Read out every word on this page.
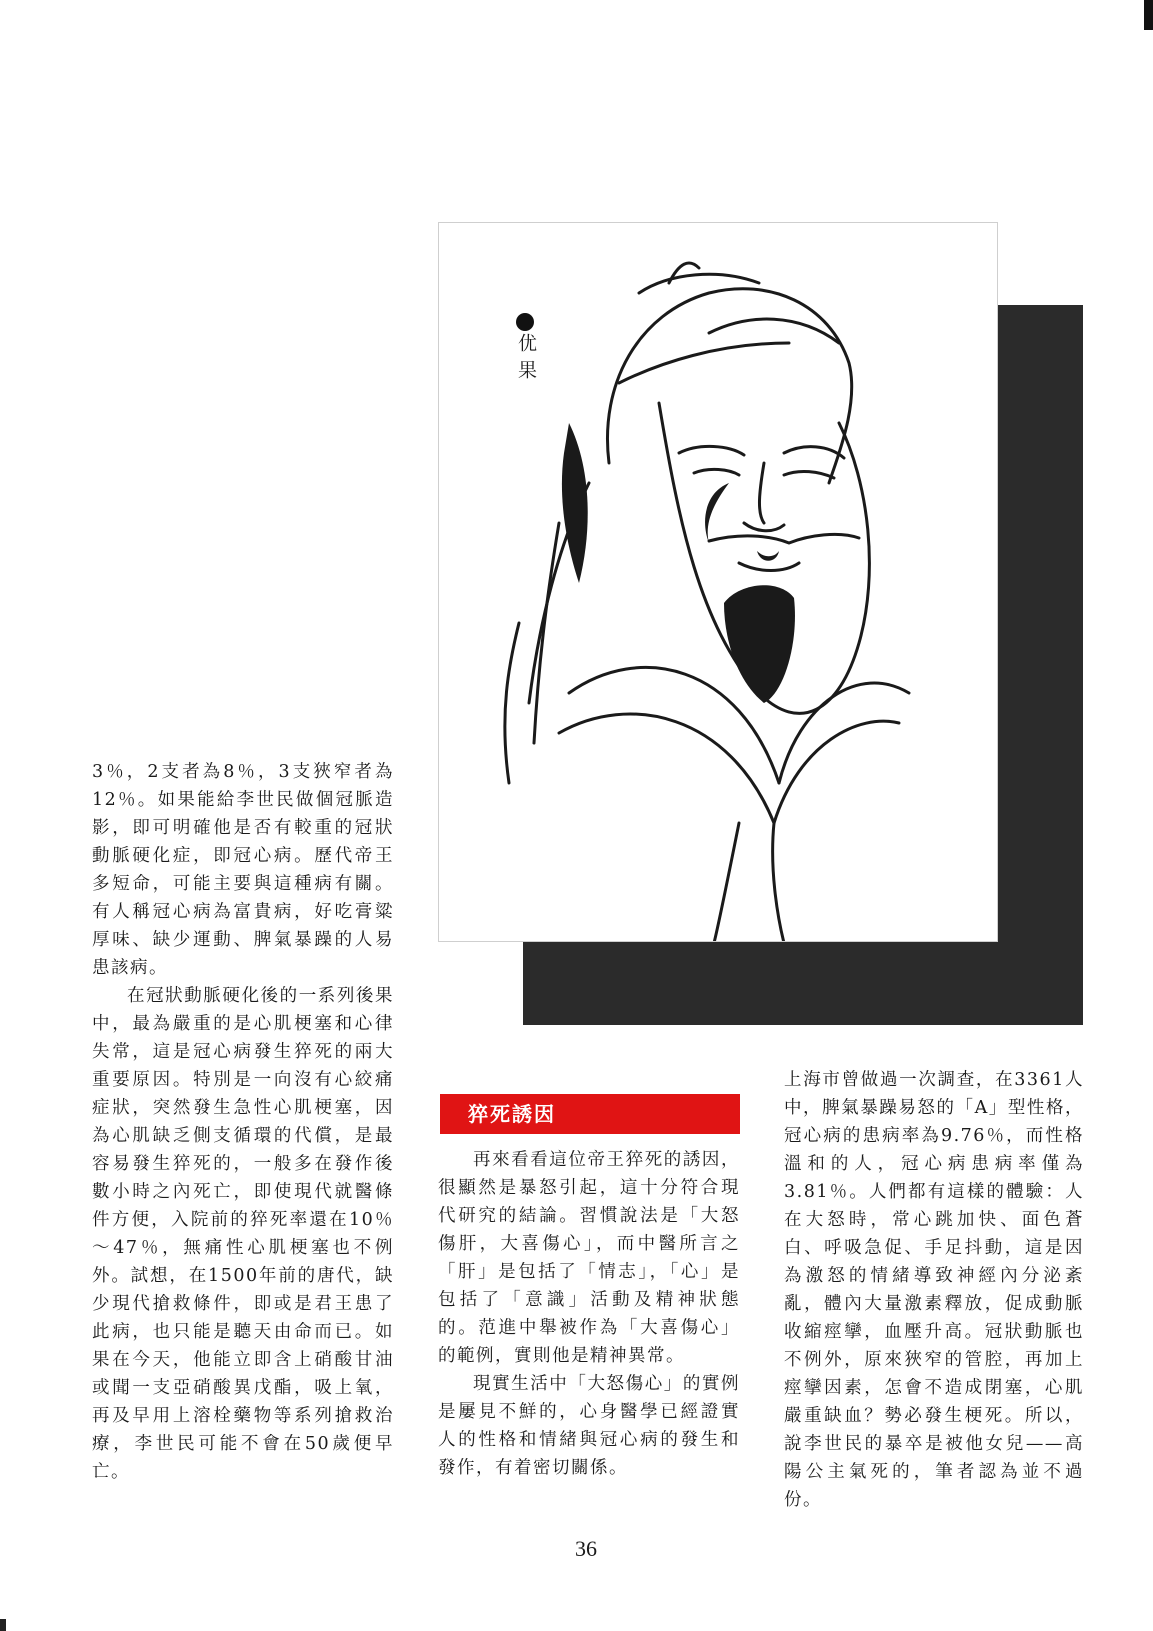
优果

3％，2支者為8％，3支狹窄者為12％。如果能給李世民做個冠脈造影，即可明確他是否有較重的冠狀動脈硬化症，即冠心病。歷代帝王多短命，可能主要與這種病有關。有人稱冠心病為富貴病，好吃膏粱厚味、缺少運動、脾氣暴躁的人易患該病。

在冠狀動脈硬化後的一系列後果中，最為嚴重的是心肌梗塞和心律失常，這是冠心病發生猝死的兩大重要原因。特別是一向沒有心絞痛症狀，突然發生急性心肌梗塞，因為心肌缺乏側支循環的代償，是最容易發生猝死的，一般多在發作後數小時之內死亡，即使現代就醫條件方便，入院前的猝死率還在10％～47％，無痛性心肌梗塞也不例外。試想，在1500年前的唐代，缺少現代搶救條件，即或是君王患了此病，也只能是聽天由命而已。如果在今天，他能立即含上硝酸甘油或聞一支亞硝酸異戊酯，吸上氧，再及早用上溶栓藥物等系列搶救治療，李世民可能不會在50歲便早亡。

猝死誘因

再來看看這位帝王猝死的誘因，很顯然是暴怒引起，這十分符合現代研究的結論。習慣說法是「大怒傷肝，大喜傷心」，而中醫所言之「肝」是包括了「情志」，「心」是包括了「意識」活動及精神狀態的。范進中舉被作為「大喜傷心」的範例，實則他是精神異常。

現實生活中「大怒傷心」的實例是屢見不鮮的，心身醫學已經證實人的性格和情緒與冠心病的發生和發作，有着密切關係。

上海市曾做過一次調查，在3361人中，脾氣暴躁易怒的「A」型性格，冠心病的患病率為9.76％，而性格溫和的人，冠心病患病率僅為3.81％。人們都有這樣的體驗：人在大怒時，常心跳加快、面色蒼白、呼吸急促、手足抖動，這是因為激怒的情緒導致神經內分泌紊亂，體內大量激素釋放，促成動脈收縮痙攣，血壓升高。冠狀動脈也不例外，原來狹窄的管腔，再加上痙攣因素，怎會不造成閉塞，心肌嚴重缺血？勢必發生梗死。所以，說李世民的暴卒是被他女兒——高陽公主氣死的，筆者認為並不過份。

36
